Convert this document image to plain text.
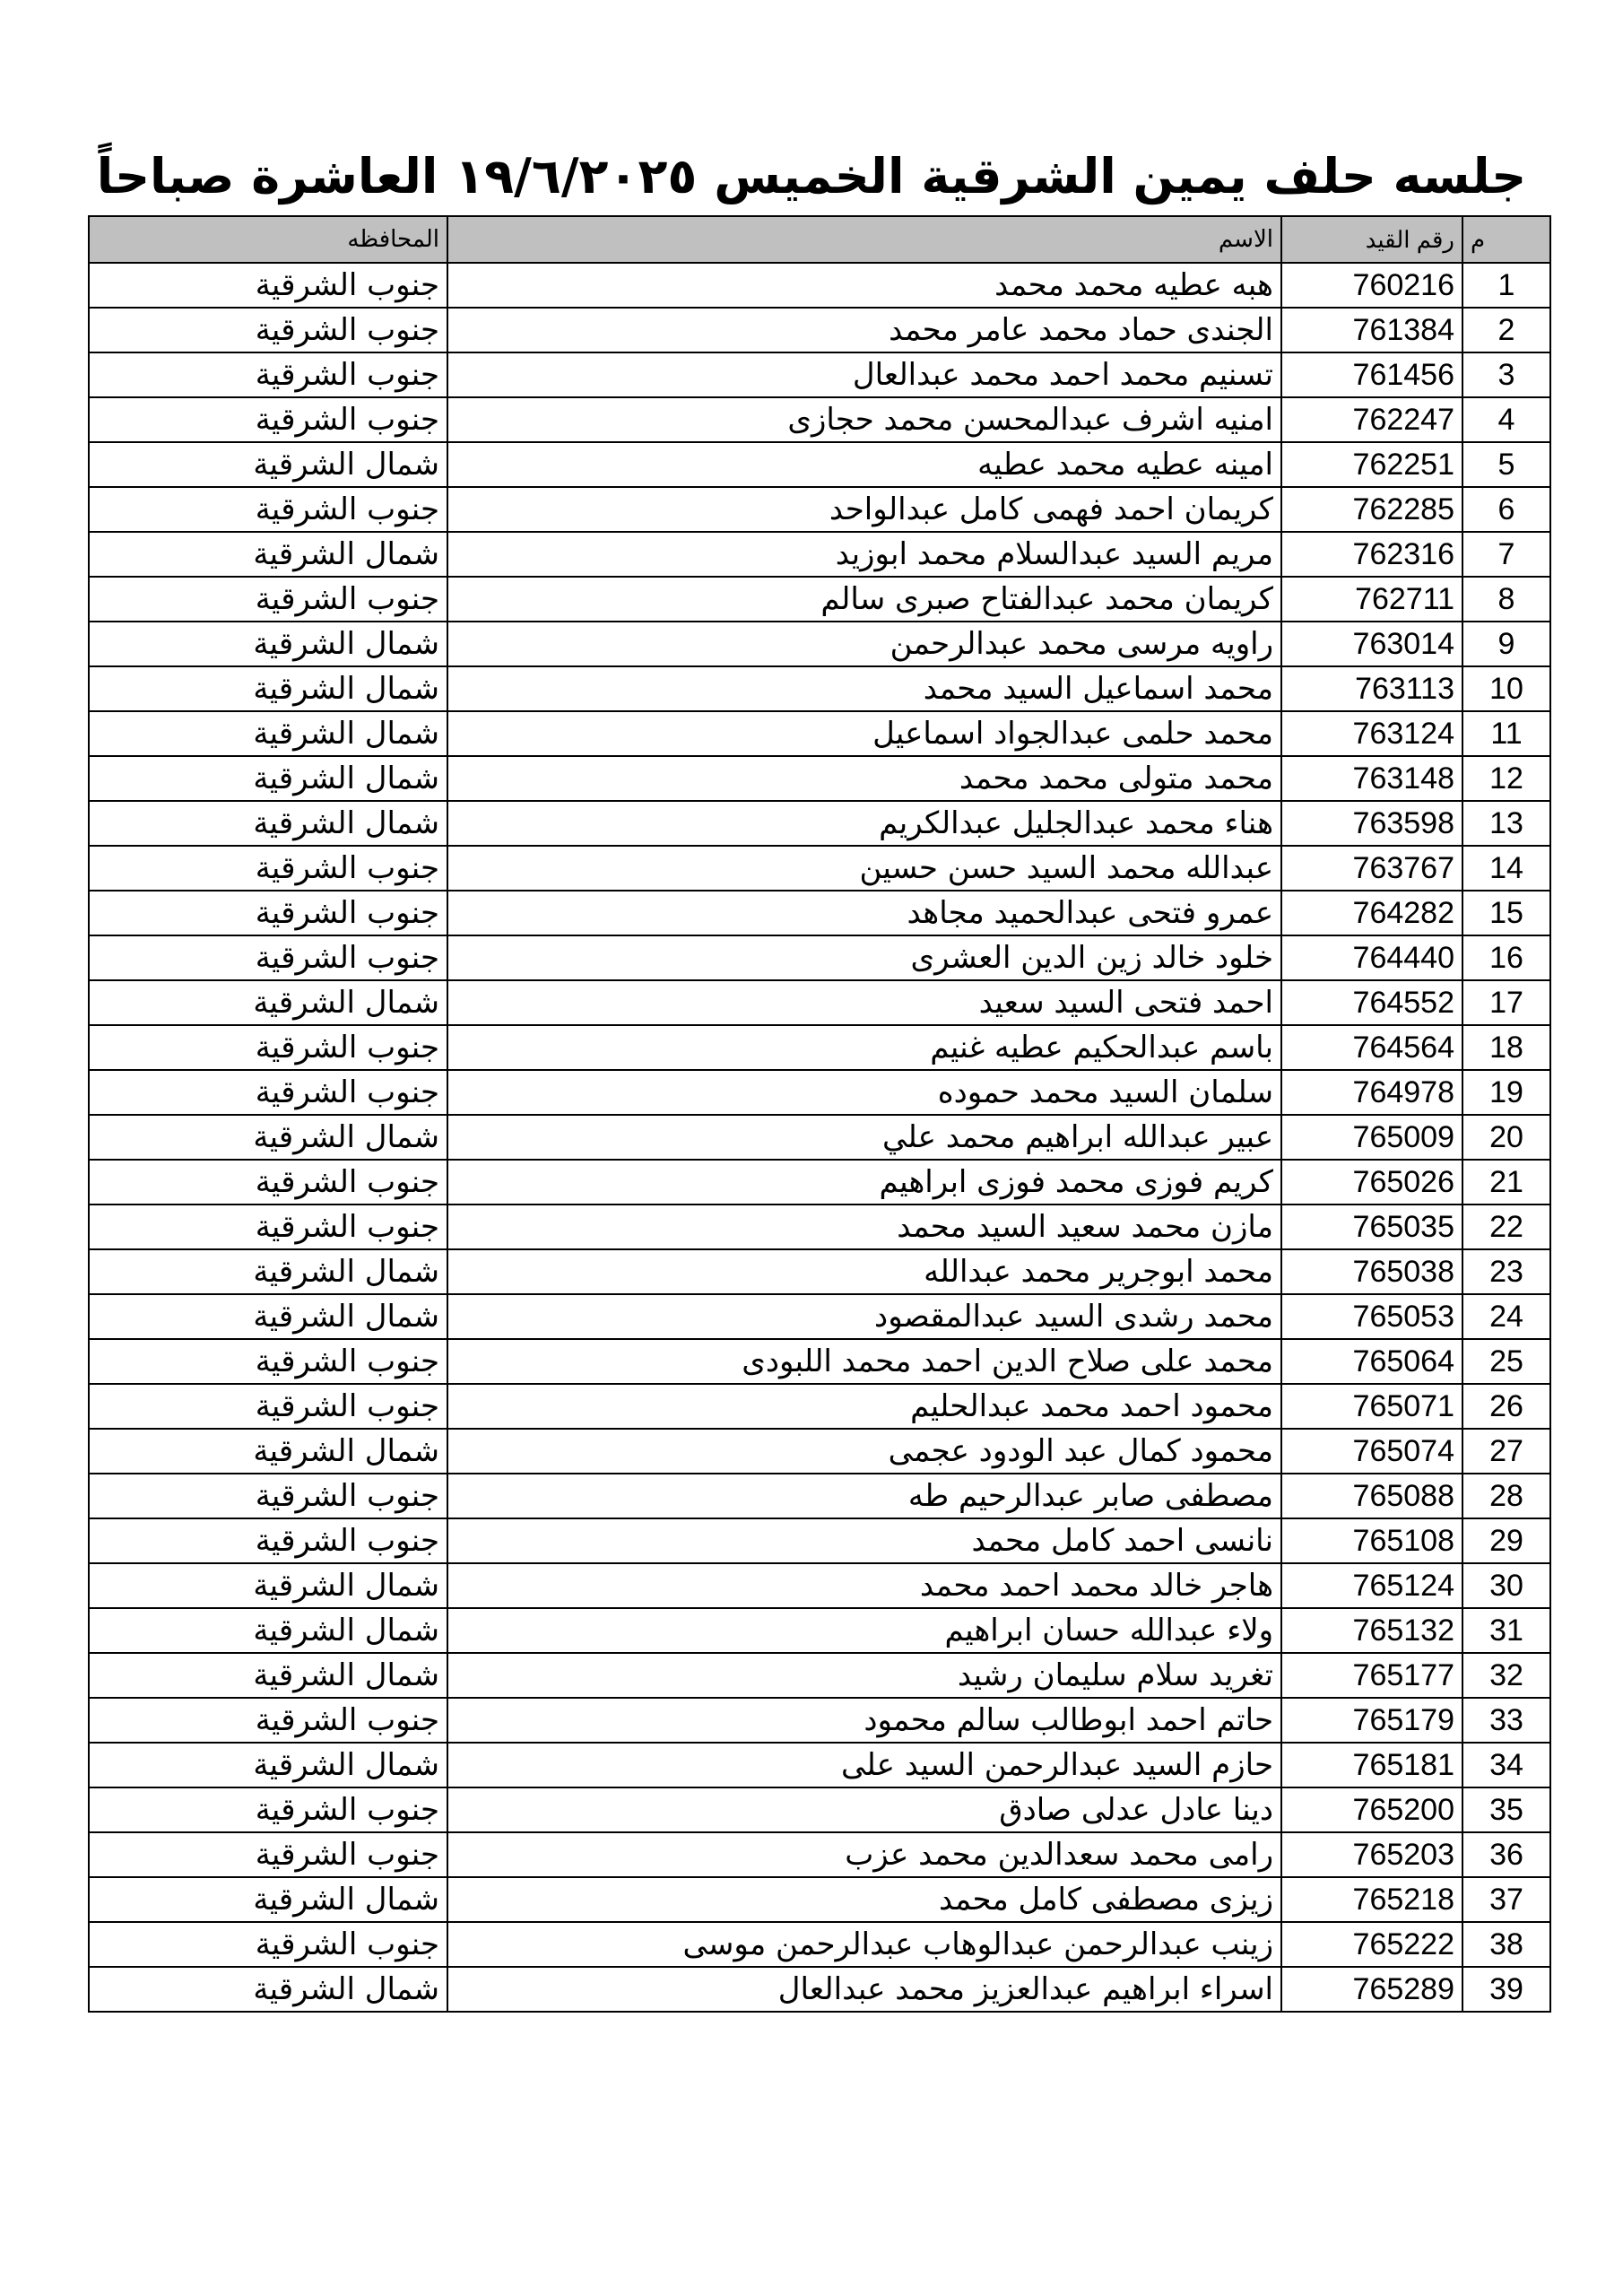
جلسه حلف يمين الشرقية الخميس ١٩/٦/٢٠٢٥ العاشرة صباحاً
م	رقم القيد	الاسم	المحافظه
1	760216	هبه عطيه محمد محمد	جنوب الشرقية
2	761384	الجندى حماد محمد عامر محمد	جنوب الشرقية
3	761456	تسنيم محمد احمد محمد عبدالعال	جنوب الشرقية
4	762247	امنيه اشرف عبدالمحسن محمد حجازى	جنوب الشرقية
5	762251	امينه عطيه محمد عطيه	شمال الشرقية
6	762285	كريمان احمد فهمى كامل عبدالواحد	جنوب الشرقية
7	762316	مريم السيد عبدالسلام محمد ابوزيد	شمال الشرقية
8	762711	كريمان محمد عبدالفتاح صبرى سالم	جنوب الشرقية
9	763014	راويه مرسى محمد عبدالرحمن	شمال الشرقية
10	763113	محمد اسماعيل السيد محمد	شمال الشرقية
11	763124	محمد حلمى عبدالجواد اسماعيل	شمال الشرقية
12	763148	محمد متولى محمد محمد	شمال الشرقية
13	763598	هناء محمد عبدالجليل عبدالكريم	شمال الشرقية
14	763767	عبدالله محمد السيد حسن حسين	جنوب الشرقية
15	764282	عمرو فتحى عبدالحميد مجاهد	جنوب الشرقية
16	764440	خلود خالد زين الدين العشرى	جنوب الشرقية
17	764552	احمد فتحى السيد سعيد	شمال الشرقية
18	764564	باسم عبدالحكيم عطيه غنيم	جنوب الشرقية
19	764978	سلمان السيد محمد حموده	جنوب الشرقية
20	765009	عبير عبدالله ابراهيم محمد علي	شمال الشرقية
21	765026	كريم فوزى محمد فوزى ابراهيم	جنوب الشرقية
22	765035	مازن محمد سعيد السيد محمد	جنوب الشرقية
23	765038	محمد ابوجرير محمد عبدالله	شمال الشرقية
24	765053	محمد رشدى السيد عبدالمقصود	شمال الشرقية
25	765064	محمد على صلاح الدين احمد محمد اللبودى	جنوب الشرقية
26	765071	محمود احمد محمد عبدالحليم	جنوب الشرقية
27	765074	محمود كمال عبد الودود عجمى	شمال الشرقية
28	765088	مصطفى صابر عبدالرحيم طه	جنوب الشرقية
29	765108	نانسى احمد كامل محمد	جنوب الشرقية
30	765124	هاجر خالد محمد احمد محمد	شمال الشرقية
31	765132	ولاء عبدالله حسان ابراهيم	شمال الشرقية
32	765177	تغريد سلام سليمان رشيد	شمال الشرقية
33	765179	حاتم احمد ابوطالب سالم محمود	جنوب الشرقية
34	765181	حازم السيد عبدالرحمن السيد على	شمال الشرقية
35	765200	دينا عادل عدلى صادق	جنوب الشرقية
36	765203	رامى محمد سعدالدين محمد عزب	جنوب الشرقية
37	765218	زيزى مصطفى كامل محمد	شمال الشرقية
38	765222	زينب عبدالرحمن عبدالوهاب عبدالرحمن موسى	جنوب الشرقية
39	765289	اسراء ابراهيم عبدالعزيز محمد عبدالعال	شمال الشرقية
